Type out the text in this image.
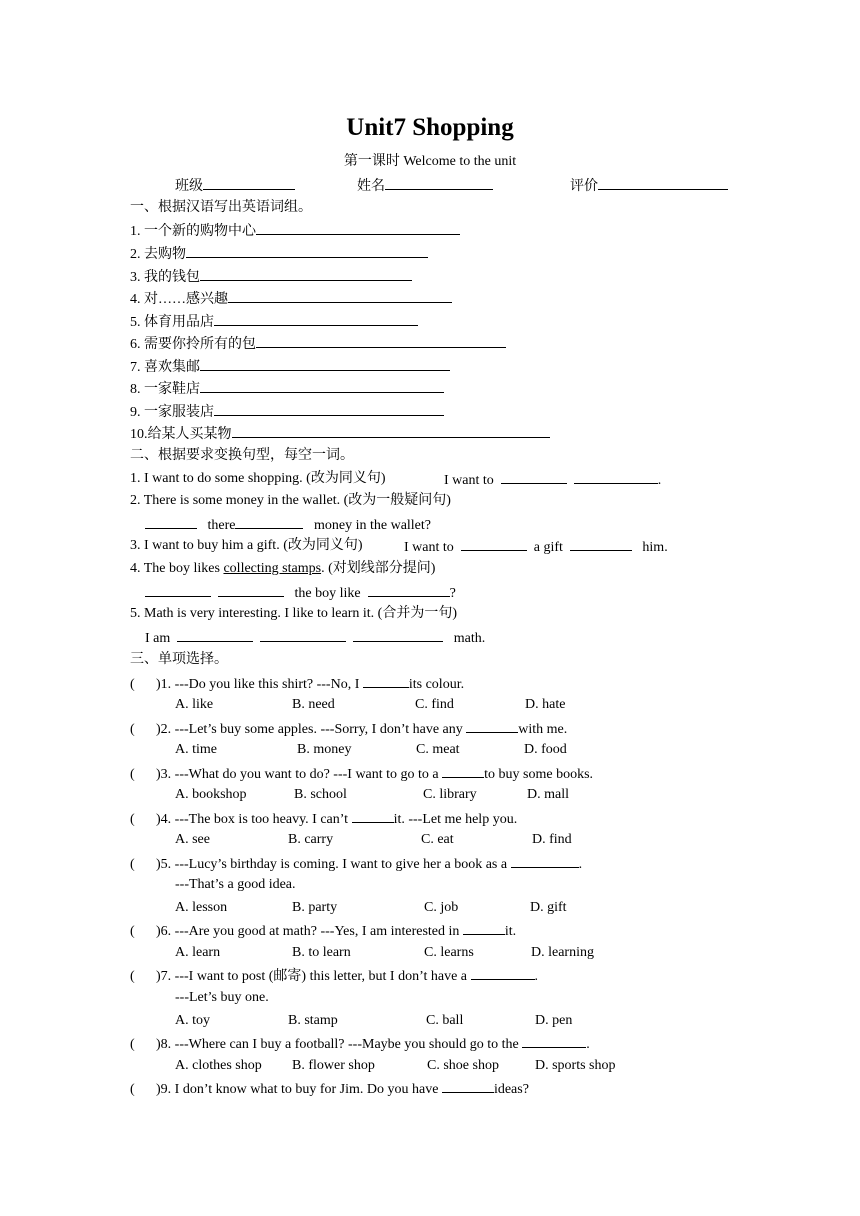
Unit7 Shopping
第一课时 Welcome to the unit
班级	姓名	评价
一、根据汉语写出英语词组。
1. 一个新的购物中心
2. 去购物
3. 我的钱包
4. 对……感兴趣
5. 体育用品店
6. 需要你拎所有的包
7. 喜欢集邮
8. 一家鞋店
9. 一家服装店
10.给某人买某物
二、根据要求变换句型，每空一词。
1. I want to do some shopping. (改为同义句)	I want to	.
2. There is some money in the wallet. (改为一般疑问句)
there	money in the wallet?
3. I want to buy him a gift. (改为同义句)	I want to	a gift	him.
4. The boy likes collecting stamps. (对划线部分提问)
the boy like	?
5. Math is very interesting. I like to learn it. (合并为一句)
I am	math.
三、单项选择。
( )1. ---Do you like this shirt? ---No, I	its colour.
A. like	B. need	C. find	D. hate
( )2. ---Let’s buy some apples. ---Sorry, I don’t have any	with me.
A. time	B. money	C. meat	D. food
( )3. ---What do you want to do? ---I want to go to a	to buy some books.
A. bookshop	B. school	C. library	D. mall
( )4. ---The box is too heavy. I can’t	it. ---Let me help you.
A. see	B. carry	C. eat	D. find
( )5. ---Lucy’s birthday is coming. I want to give her a book as a	.
---That’s a good idea.
A. lesson	B. party	C. job	D. gift
( )6. ---Are you good at math? ---Yes, I am interested in	it.
A. learn	B. to learn	C. learns	D. learning
( )7. ---I want to post (邮寄) this letter, but I don’t have a	.
---Let’s buy one.
A. toy	B. stamp	C. ball	D. pen
( )8. ---Where can I buy a football? ---Maybe you should go to the	.
A. clothes shop B. flower shop	C. shoe shop	D. sports shop
( )9. I don’t know what to buy for Jim. Do you have	ideas?
